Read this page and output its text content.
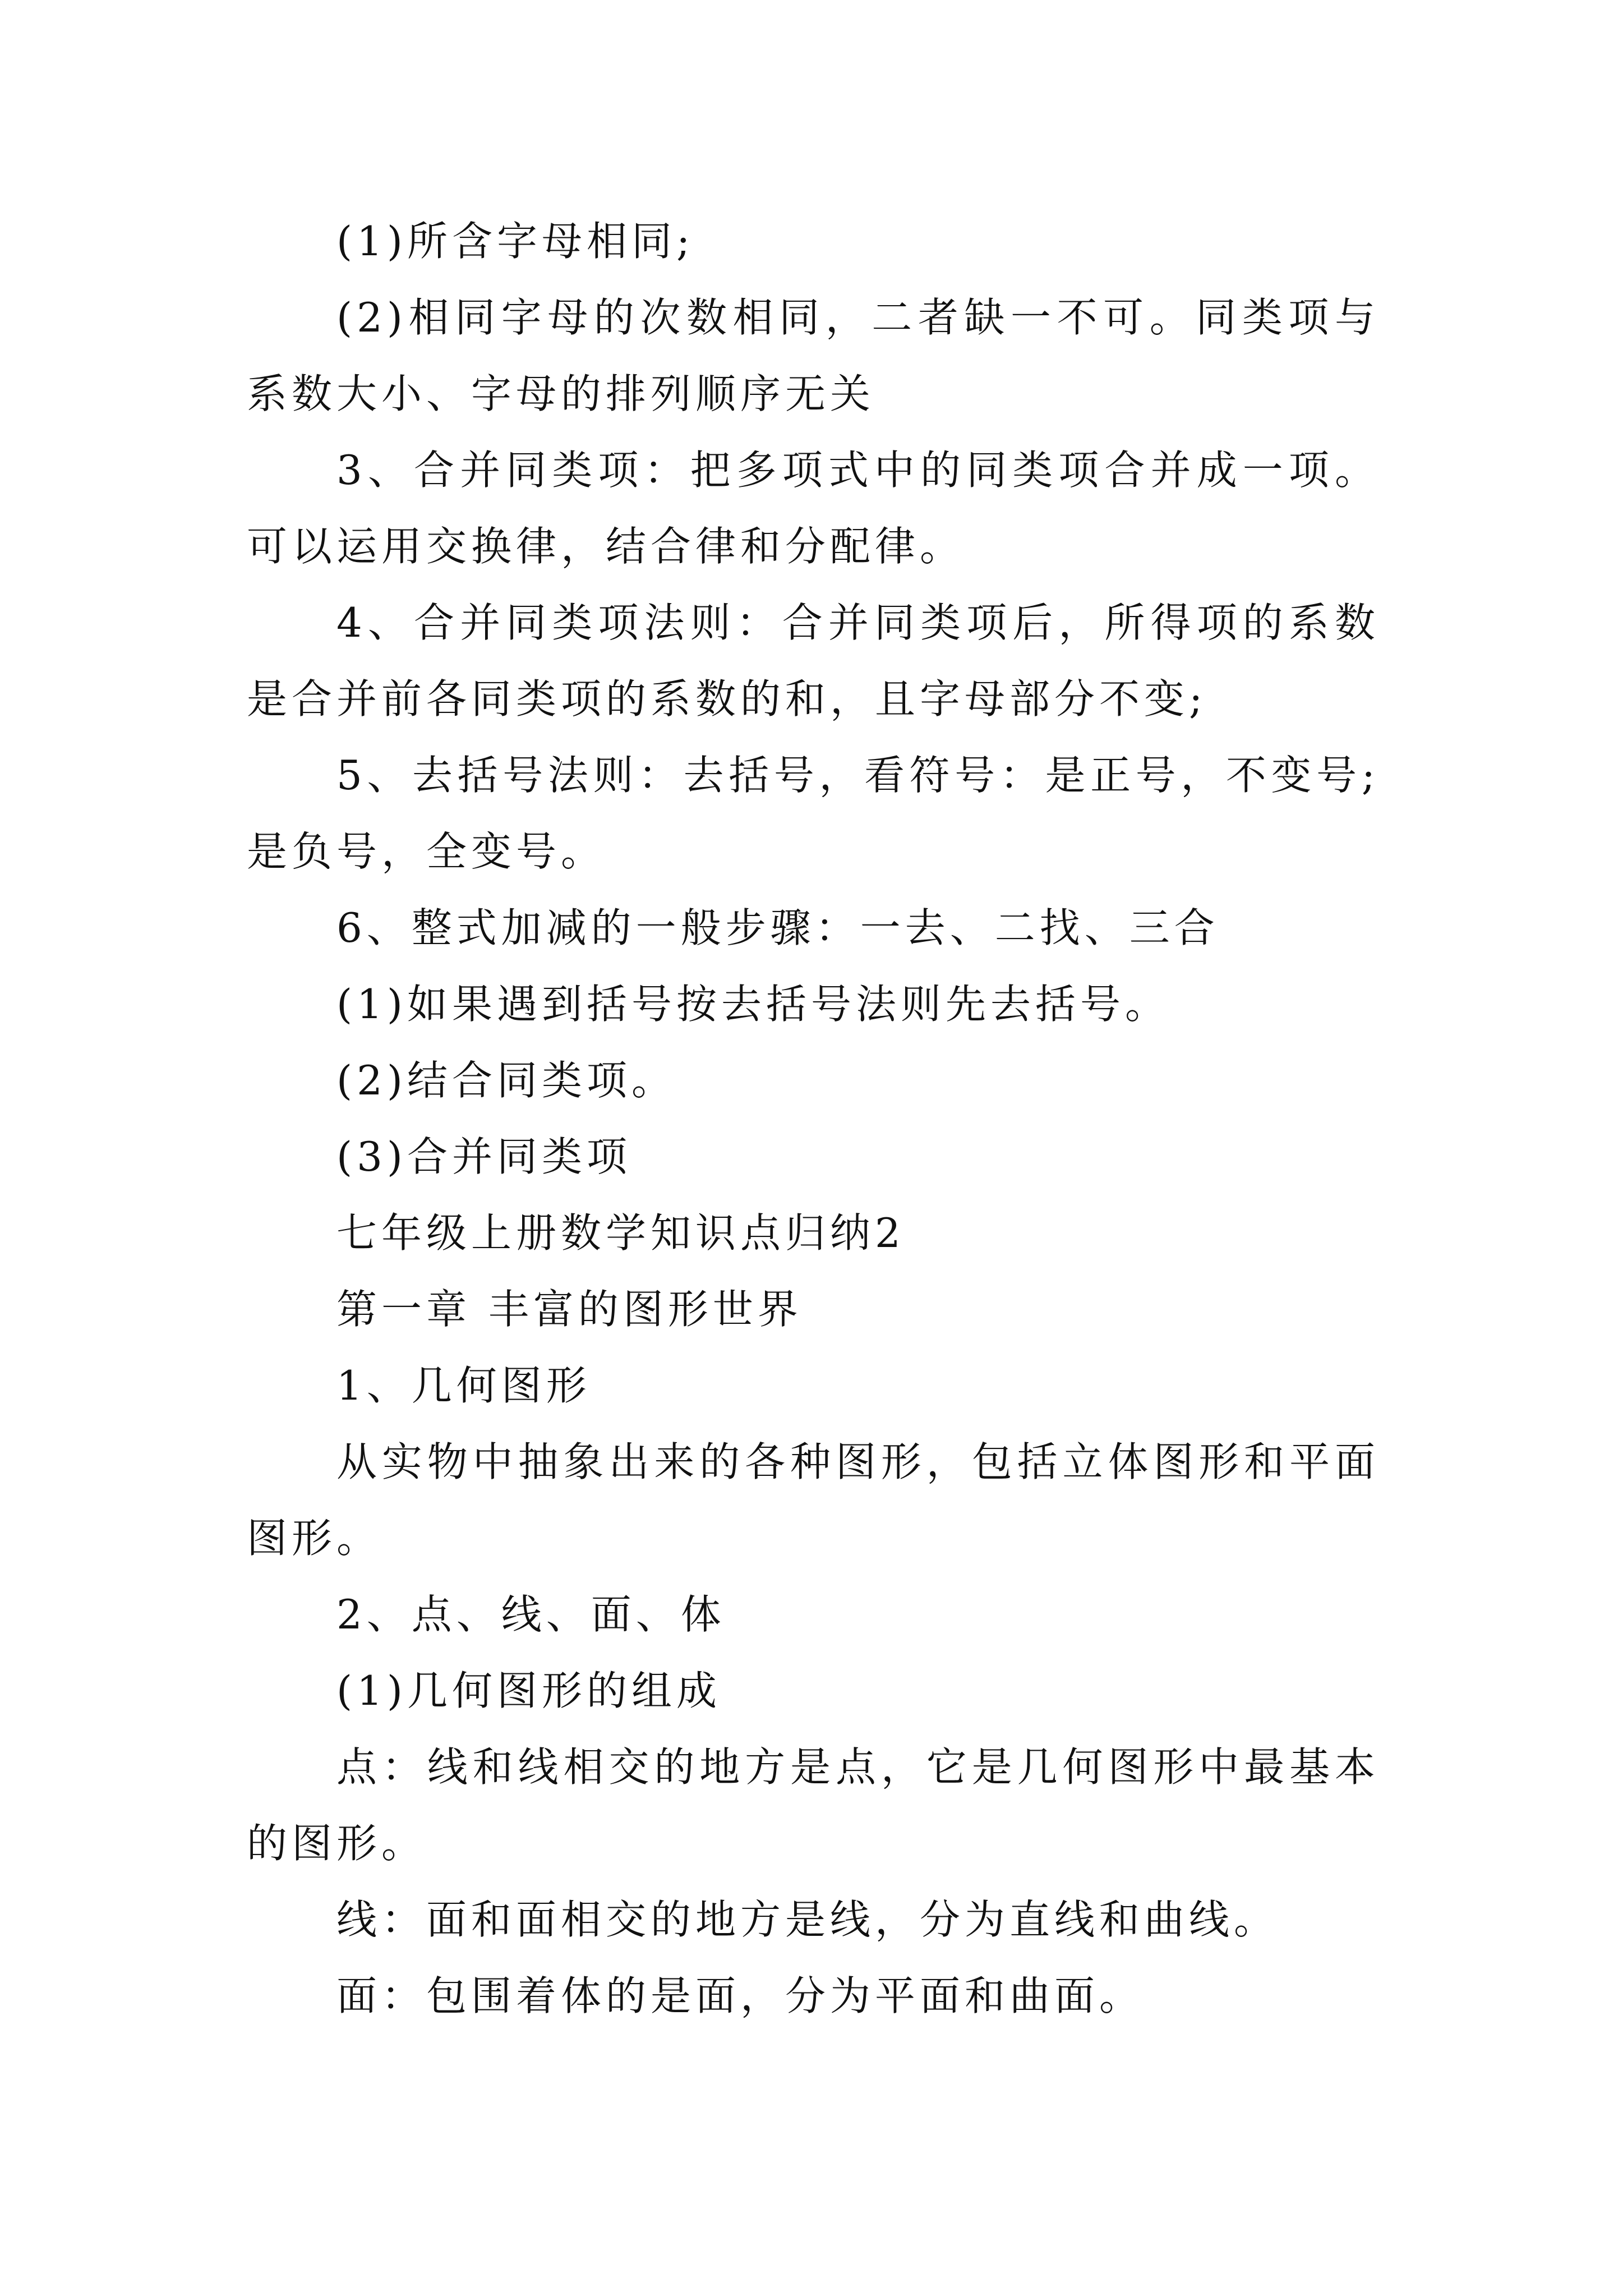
(1)所含字母相同;

(2)相同字母的次数相同，二者缺一不可。同类项与系数大小、字母的排列顺序无关

3、合并同类项：把多项式中的同类项合并成一项。可以运用交换律，结合律和分配律。

4、合并同类项法则：合并同类项后，所得项的系数是合并前各同类项的系数的和，且字母部分不变;

5、去括号法则：去括号，看符号：是正号，不变号;是负号，全变号。

6、整式加减的一般步骤：一去、二找、三合

(1)如果遇到括号按去括号法则先去括号。

(2)结合同类项。

(3)合并同类项

七年级上册数学知识点归纳2

第一章 丰富的图形世界

1、几何图形

从实物中抽象出来的各种图形，包括立体图形和平面图形。

2、点、线、面、体

(1)几何图形的组成

点：线和线相交的地方是点，它是几何图形中最基本的图形。

线：面和面相交的地方是线，分为直线和曲线。

面：包围着体的是面，分为平面和曲面。
